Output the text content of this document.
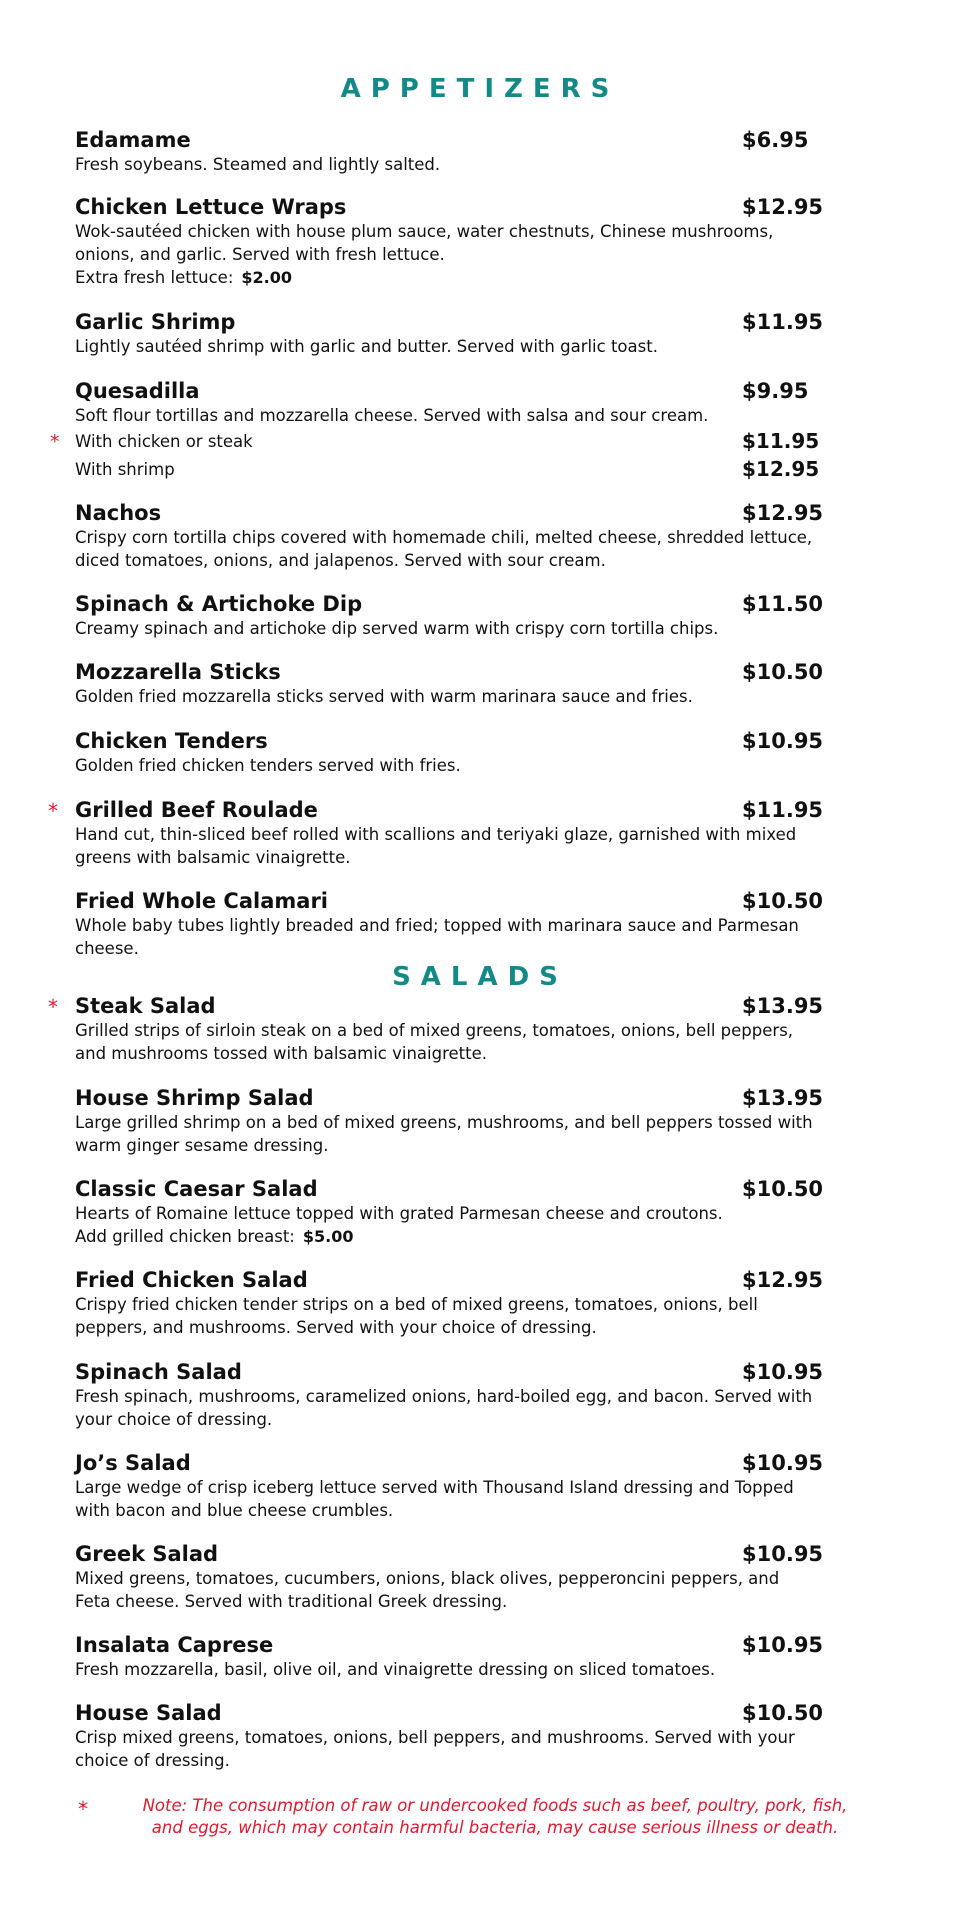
APPETIZERS
Edamame	$6.95

Fresh soybeans. Steamed and lightly salted.

Chicken Lettuce Wraps	$12.95

Wok-sautéed chicken with house plum sauce, water chestnuts, Chinese mushrooms, onions, and garlic. Served with fresh lettuce.

Extra fresh lettuce: $2.00

Garlic Shrimp	$11.95

Lightly sautéed shrimp with garlic and butter. Served with garlic toast.

Quesadilla	$9.95

Soft flour tortillas and mozzarella cheese. Served with salsa and sour cream.

* With chicken or steak	$11.95
With shrimp	$12.95
Nachos	$12.95

Crispy corn tortilla chips covered with homemade chili, melted cheese, shredded lettuce, diced tomatoes, onions, and jalapenos. Served with sour cream.

Spinach & Artichoke Dip	$11.50

Creamy spinach and artichoke dip served warm with crispy corn tortilla chips.

Mozzarella Sticks	$10.50

Golden fried mozzarella sticks served with warm marinara sauce and fries.

Chicken Tenders	$10.95

Golden fried chicken tenders served with fries.

* Grilled Beef Roulade	$11.95

Hand cut, thin-sliced beef rolled with scallions and teriyaki glaze, garnished with mixed greens with balsamic vinaigrette.

Fried Whole Calamari	$10.50

Whole baby tubes lightly breaded and fried; topped with marinara sauce and Parmesan cheese.

SALADS
* Steak Salad	$13.95

Grilled strips of sirloin steak on a bed of mixed greens, tomatoes, onions, bell peppers, and mushrooms tossed with balsamic vinaigrette.

House Shrimp Salad	$13.95

Large grilled shrimp on a bed of mixed greens, mushrooms, and bell peppers tossed with warm ginger sesame dressing.

Classic Caesar Salad	$10.50

Hearts of Romaine lettuce topped with grated Parmesan cheese and croutons.

Add grilled chicken breast: $5.00

Fried Chicken Salad	$12.95

Crispy fried chicken tender strips on a bed of mixed greens, tomatoes, onions, bell peppers, and mushrooms. Served with your choice of dressing.

Spinach Salad	$10.95

Fresh spinach, mushrooms, caramelized onions, hard-boiled egg, and bacon. Served with your choice of dressing.

Jo’s Salad	$10.95

Large wedge of crisp iceberg lettuce served with Thousand Island dressing and Topped with bacon and blue cheese crumbles.

Greek Salad	$10.95

Mixed greens, tomatoes, cucumbers, onions, black olives, pepperoncini peppers, and Feta cheese. Served with traditional Greek dressing.

Insalata Caprese	$10.95

Fresh mozzarella, basil, olive oil, and vinaigrette dressing on sliced tomatoes.

House Salad	$10.50

Crisp mixed greens, tomatoes, onions, bell peppers, and mushrooms. Served with your choice of dressing.

*	Note: The consumption of raw or undercooked foods such as beef, poultry, pork, fish,

and eggs, which may contain harmful bacteria, may cause serious illness or death.
